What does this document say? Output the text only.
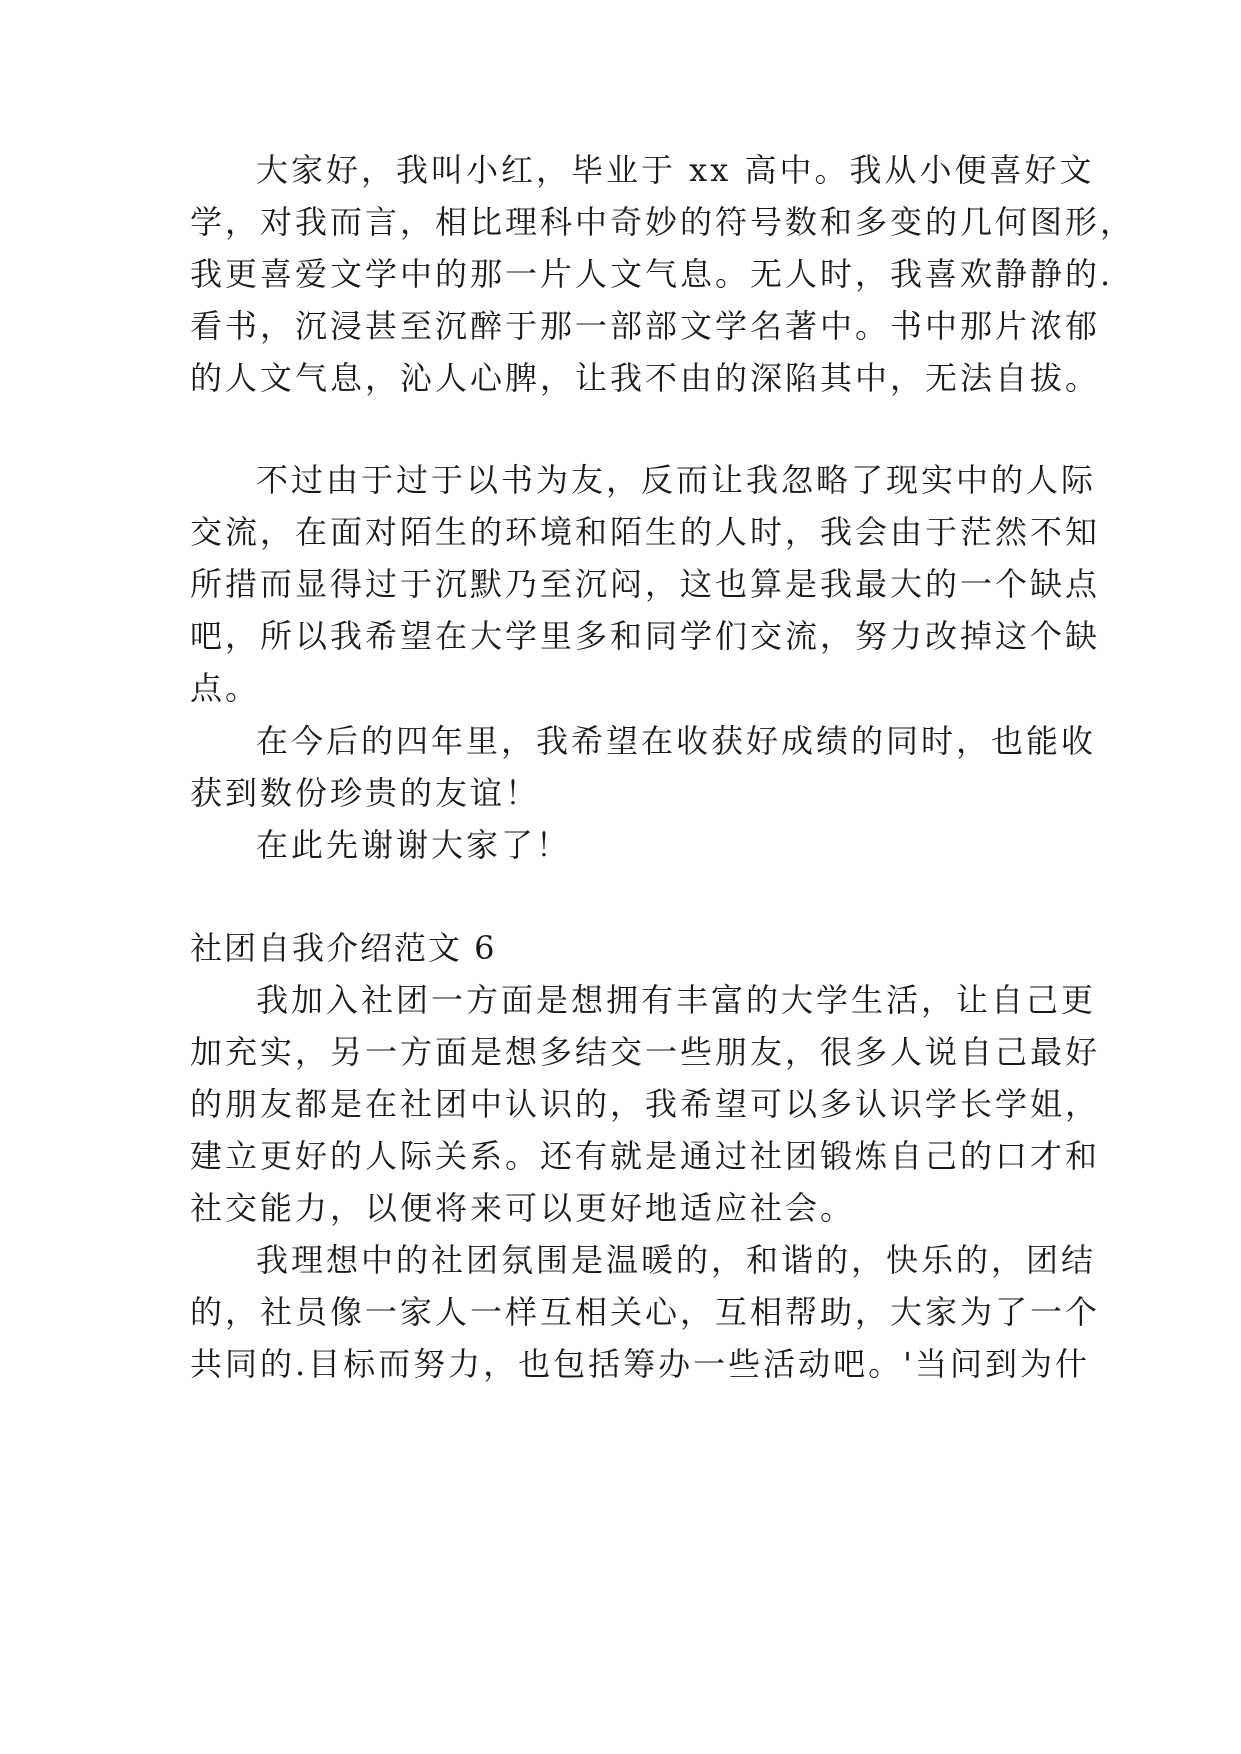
大家好，我叫小红，毕业于 xx 高中。我从小便喜好文
学，对我而言，相比理科中奇妙的符号数和多变的几何图形，
我更喜爱文学中的那一片人文气息。无人时，我喜欢静静的.
看书，沉浸甚至沉醉于那一部部文学名著中。书中那片浓郁
的人文气息，沁人心脾，让我不由的深陷其中，无法自拔。
不过由于过于以书为友，反而让我忽略了现实中的人际
交流，在面对陌生的环境和陌生的人时，我会由于茫然不知
所措而显得过于沉默乃至沉闷，这也算是我最大的一个缺点
吧，所以我希望在大学里多和同学们交流，努力改掉这个缺
点。
在今后的四年里，我希望在收获好成绩的同时，也能收
获到数份珍贵的友谊！
在此先谢谢大家了！
社团自我介绍范文 6
我加入社团一方面是想拥有丰富的大学生活，让自己更
加充实，另一方面是想多结交一些朋友，很多人说自己最好
的朋友都是在社团中认识的，我希望可以多认识学长学姐，
建立更好的人际关系。还有就是通过社团锻炼自己的口才和
社交能力，以便将来可以更好地适应社会。
我理想中的社团氛围是温暖的，和谐的，快乐的，团结
的，社员像一家人一样互相关心，互相帮助，大家为了一个
共同的.目标而努力，也包括筹办一些活动吧。'当问到为什
